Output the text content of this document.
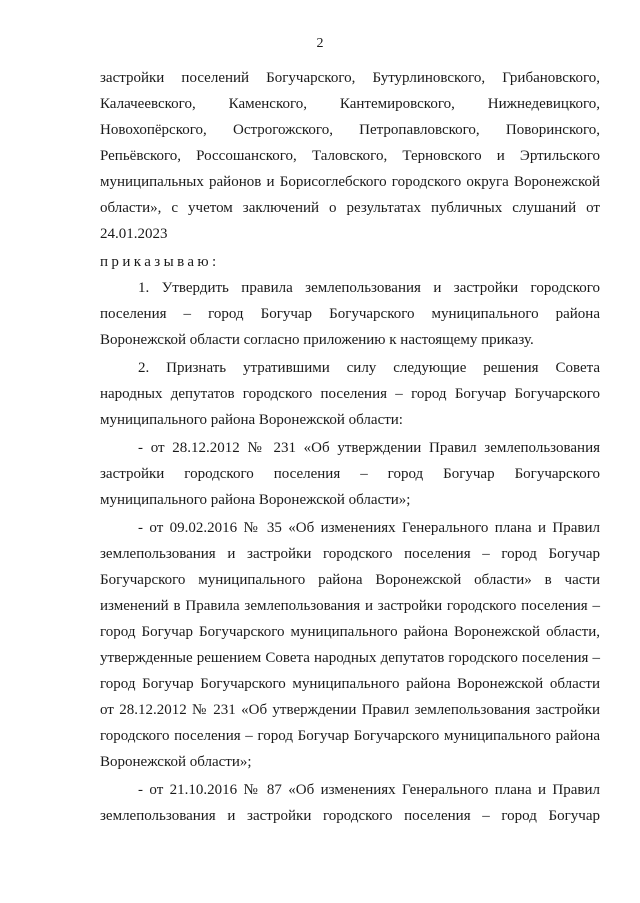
2
застройки поселений Богучарского, Бутурлиновского, Грибановского,
Калачеевского, Каменского, Кантемировского, Нижнедевицкого,
Новохопёрского, Острогожского, Петропавловского, Поворинского,
Репьёвского, Россошанского, Таловского, Терновского и Эртильского
муниципальных районов и Борисоглебского городского округа Воронежской
области», с учетом заключений о результатах публичных слушаний от
24.01.2023
приказываю:
1. Утвердить правила землепользования и застройки городского
поселения – город Богучар Богучарского муниципального района
Воронежской области согласно приложению к настоящему приказу.
2. Признать утратившими силу следующие решения Совета
народных депутатов городского поселения – город Богучар Богучарского
муниципального района Воронежской области:
- от 28.12.2012 № 231 «Об утверждении Правил землепользования
застройки городского поселения – город Богучар Богучарского
муниципального района Воронежской области»;
- от 09.02.2016 № 35 «Об изменениях Генерального плана и Правил
землепользования и застройки городского поселения – город Богучар
Богучарского муниципального района Воронежской области» в части
изменений в Правила землепользования и застройки городского поселения –
город Богучар Богучарского муниципального района Воронежской области,
утвержденные решением Совета народных депутатов городского поселения –
город Богучар Богучарского муниципального района Воронежской области
от 28.12.2012 № 231 «Об утверждении Правил землепользования застройки
городского поселения – город Богучар Богучарского муниципального района
Воронежской области»;
- от 21.10.2016 № 87 «Об изменениях Генерального плана и Правил
землепользования и застройки городского поселения – город Богучар
